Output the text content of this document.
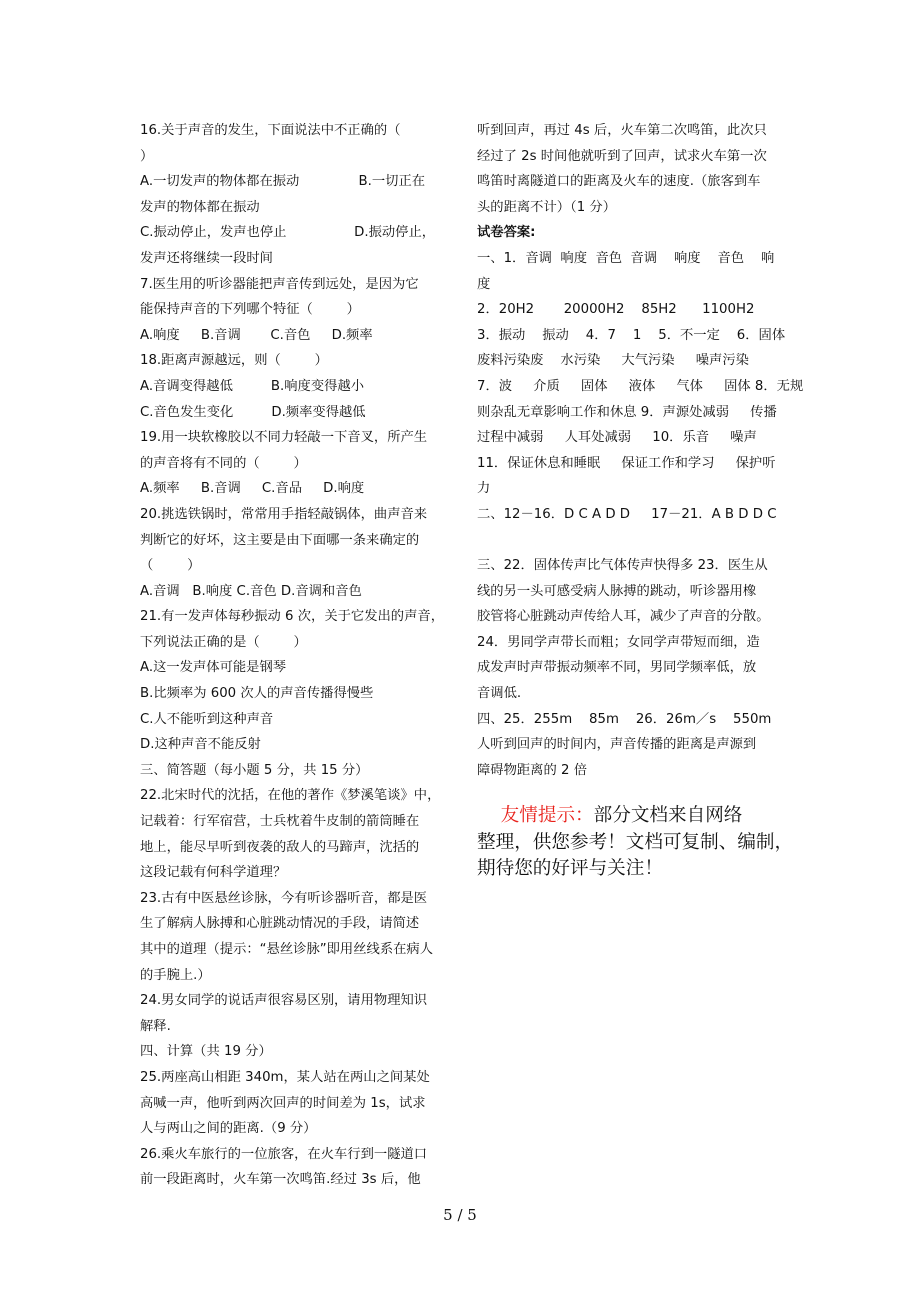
16.关于声音的发生，下面说法中不正确的（
）
A.一切发声的物体都在振动              B.一切正在
发声的物体都在振动
C.振动停止，发声也停止                D.振动停止，
发声还将继续一段时间
7.医生用的听诊器能把声音传到远处，是因为它
能保持声音的下列哪个特征（        ）
A.响度     B.音调       C.音色     D.频率
18.距离声源越远，则（        ）
A.音调变得越低         B.响度变得越小
C.音色发生变化         D.频率变得越低
19.用一块软橡胶以不同力轻敲一下音叉，所产生
的声音将有不同的（        ）
A.频率     B.音调     C.音品     D.响度
20.挑选铁锅时，常常用手指轻敲锅体，曲声音来
判断它的好坏，这主要是由下面哪一条来确定的
（        ）
A.音调   B.响度 C.音色 D.音调和音色
21.有一发声体每秒振动 6 次，关于它发出的声音，
下列说法正确的是（        ）
A.这一发声体可能是钢琴
B.比频率为 600 次人的声音传播得慢些
C.人不能听到这种声音
D.这种声音不能反射
三、简答题（每小题 5 分，共 15 分）
22.北宋时代的沈括，在他的著作《梦溪笔谈》中，
记载着：行军宿营，士兵枕着牛皮制的箭筒睡在
地上，能尽早听到夜袭的敌人的马蹄声，沈括的
这段记载有何科学道理？
23.古有中医悬丝诊脉，今有听诊器听音，都是医
生了解病人脉搏和心脏跳动情况的手段，请简述
其中的道理（提示：“悬丝诊脉”即用丝线系在病人
的手腕上.）
24.男女同学的说话声很容易区别，请用物理知识
解释.
四、计算（共 19 分）
25.两座高山相距 340m，某人站在两山之间某处
高喊一声，他听到两次回声的时间差为 1s，试求
人与两山之间的距离.（9 分）
26.乘火车旅行的一位旅客，在火车行到一隧道口
前一段距离时，火车第一次鸣笛.经过 3s 后，他
听到回声，再过 4s 后，火车第二次鸣笛，此次只
经过了 2s 时间他就听到了回声，试求火车第一次
鸣笛时离隧道口的距离及火车的速度.（旅客到车
头的距离不计）（1 分）
试卷答案:
一、1．音调  响度  音色  音调    响度    音色    响
度
2．20H2       20000H2    85H2      1100H2
3．振动    振动    4．7    1    5．不一定    6．固体
废料污染废    水污染     大气污染     噪声污染
7．波     介质     固体     液体     气体     固体 8．无规
则杂乱无章影响工作和休息 9．声源处减弱     传播
过程中减弱     人耳处减弱     10．乐音     噪声
11．保证休息和睡眠     保证工作和学习     保护听
力
二、12－16．D C A D D     17－21．A B D D C
三、22．固体传声比气体传声快得多 23．医生从
线的另一头可感受病人脉搏的跳动，听诊器用橡
胶管将心脏跳动声传给人耳，减少了声音的分散。
24．男同学声带长而粗；女同学声带短而细，造
成发声时声带振动频率不同，男同学频率低，放
音调低.
四、25．255m    85m    26．26m／s    550m
人听到回声的时间内，声音传播的距离是声源到
障碍物距离的 2 倍
友情提示：部分文档来自网络
整理，供您参考！文档可复制、编制，
期待您的好评与关注！
5 / 5
